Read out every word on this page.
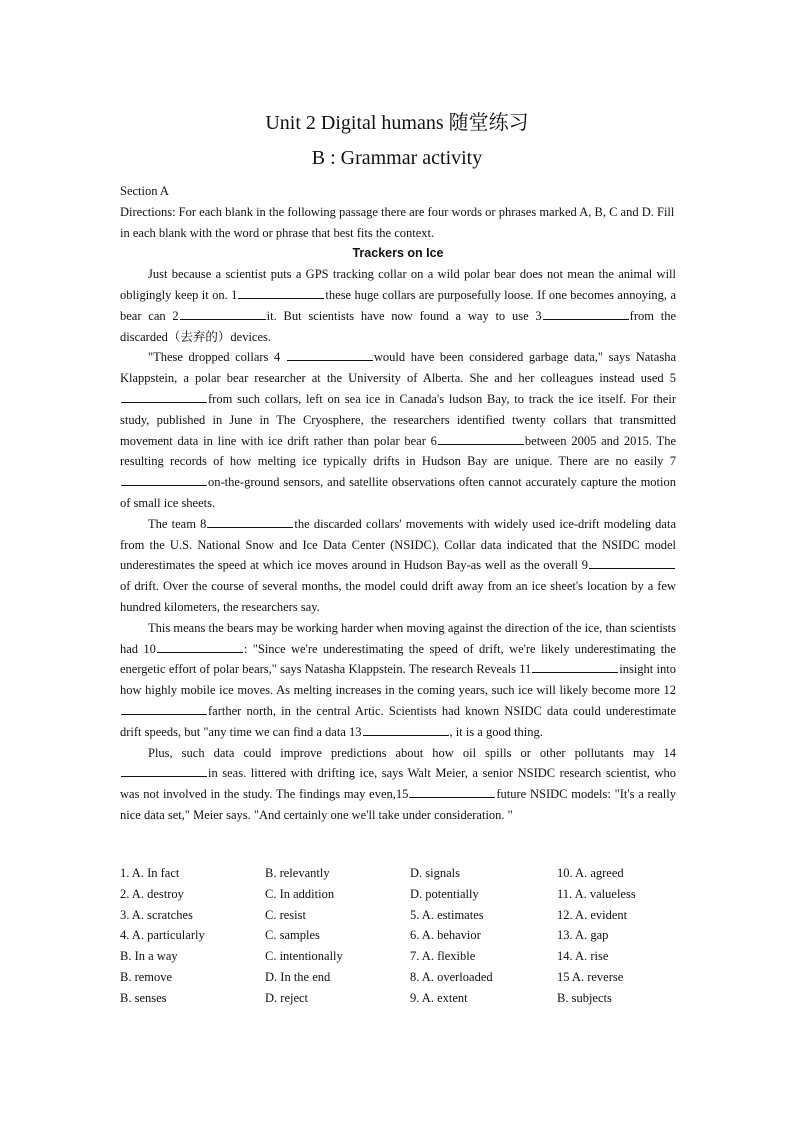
Unit 2 Digital humans 随堂练习
B : Grammar activity

Section A

Directions: For each blank in the following passage there are four words or phrases marked A, B, C and D. Fill in each blank with the word or phrase that best fits the context.

Trackers on Ice

Just because a scientist puts a GPS tracking collar on a wild polar bear does not mean the animal will obligingly keep it on. 1	these huge collars are purposefully loose. If one becomes annoying, a bear can 2	it. But scientists have now found a way to use 3	from the discarded（去弃的）devices.

"These dropped collars 4	would have been considered garbage data," says Natasha Klappstein, a polar bear researcher at the University of Alberta. She and her colleagues instead used 5from such collars, left on sea ice in Canada's ludson Bay, to track the ice itself. For their study, published in June in The Cryosphere, the researchers identified twenty collars that transmitted movement data in line with ice drift rather than polar bear 6	between 2005 and 2015. The resulting records of how melting ice typically drifts in Hudson Bay are unique. There are no easily 7on-the-ground sensors, and satellite observations often cannot accurately capture the motion of small ice sheets.

The team 8	the discarded collars' movements with widely used ice-drift modeling data from the U.S. National Snow and Ice Data Center (NSIDC). Collar data indicated that the NSIDC model underestimates the speed at which ice moves around in Hudson Bay-as well as the overall 9of drift. Over the course of several months, the model could drift away from an ice sheet's location by a few hundred kilometers, the researchers say.

This means the bears may be working harder when moving against the direction of the ice, than scientists had 10	: "Since we're underestimating the speed of drift, we're likely underestimating the energetic effort of polar bears," says Natasha Klappstein. The research Reveals 11	insight into how highly mobile ice moves. As melting increases in the coming years, such ice will likely become more 12farther north, in the central Artic. Scientists had known NSIDC data could underestimate drift speeds, but "any time we can find a data 13	, it is a good thing.

Plus, such data could improve predictions about how oil spills or other pollutants may 14in seas. littered with drifting ice, says Walt Meier, a senior NSIDC research scientist, who was not involved in the study. The findings may even,15	future NSIDC models: "It's a really nice data set," Meier says. "And certainly one we'll take under consideration. "

1. A. In fact	B. relevantly	D. signals	10. A. agreed
2. A. destroy	C. In addition	D. potentially	11. A. valueless
3. A. scratches	C. resist	5. A. estimates	12. A. evident
4. A. particularly	C. samples	6. A. behavior	13. A. gap
B. In a way	C. intentionally	7. A. flexible	14. A. rise
B. remove	D. In the end	8. A. overloaded	15 A. reverse
B. senses	D. reject	9. A. extent	B. subjects
